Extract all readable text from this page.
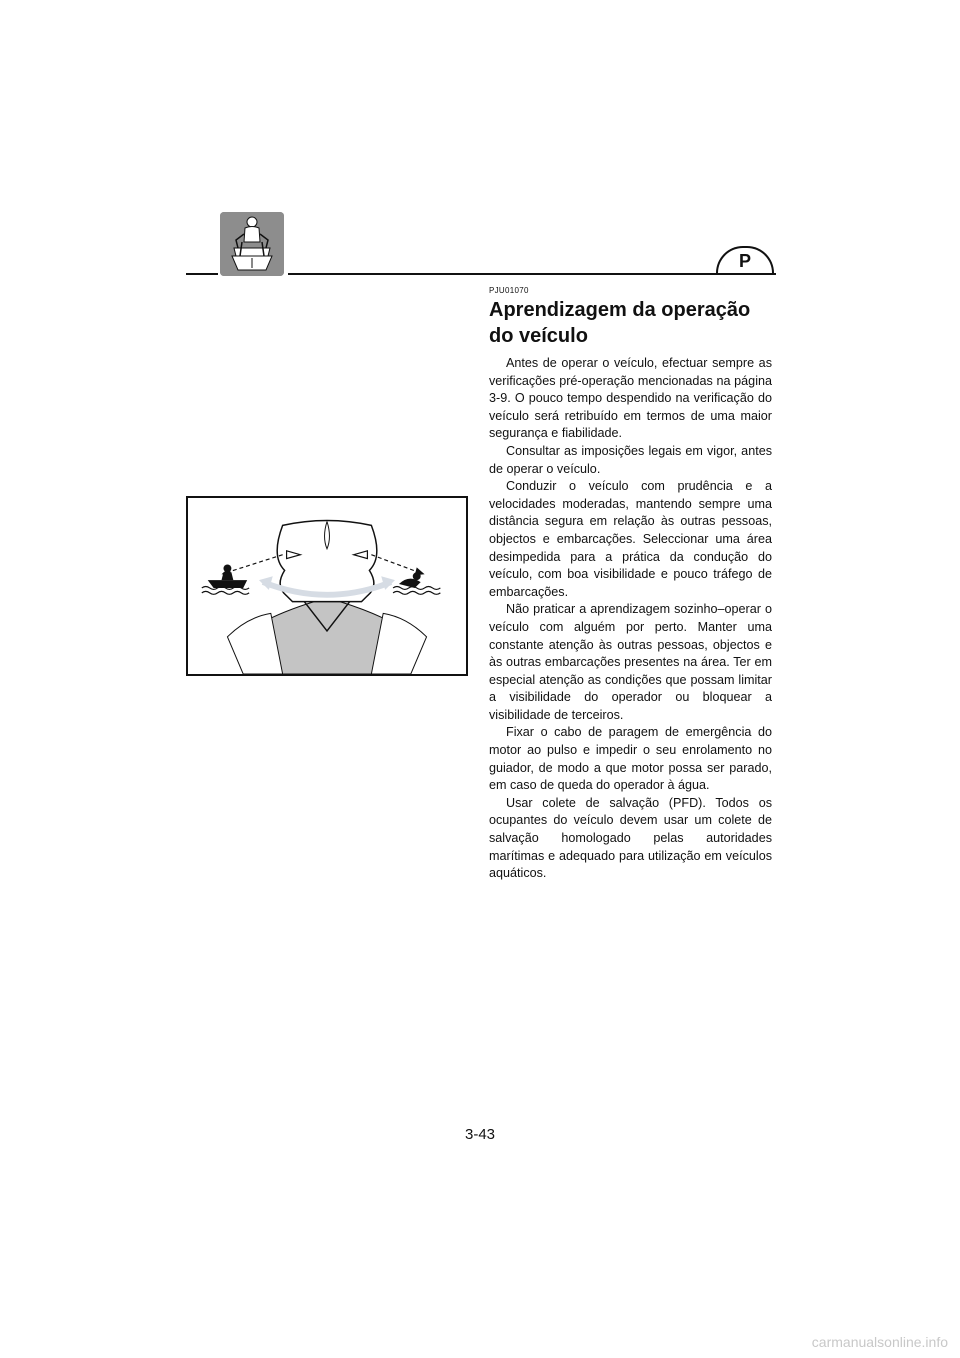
P
PJU01070
Aprendizagem da operação do veículo

Antes de operar o veículo, efectuar sempre as verificações pré-operação mencionadas na página 3-9. O pouco tempo despendido na verificação do veículo será retribuído em termos de uma maior segurança e fiabilidade.

Consultar as imposições legais em vigor, antes de operar o veículo.

Conduzir o veículo com prudência e a velocidades moderadas, mantendo sempre uma distância segura em relação às outras pessoas, objectos e embarcações. Seleccionar uma área desimpedida para a prática da condução do veículo, com boa visibilidade e pouco tráfego de embarcações.

Não praticar a aprendizagem sozinho–operar o veículo com alguém por perto. Manter uma constante atenção às outras pessoas, objectos e às outras embarcações presentes na área. Ter em especial atenção as condições que possam limitar a visibilidade do operador ou bloquear a visibilidade de terceiros.

Fixar o cabo de paragem de emergência do motor ao pulso e impedir o seu enrolamento no guiador, de modo a que motor possa ser parado, em caso de queda do operador à água.

Usar colete de salvação (PFD). Todos os ocupantes do veículo devem usar um colete de salvação homologado pelas autoridades marítimas e adequado para utilização em veículos aquáticos.

3-43
carmanualsonline.info
